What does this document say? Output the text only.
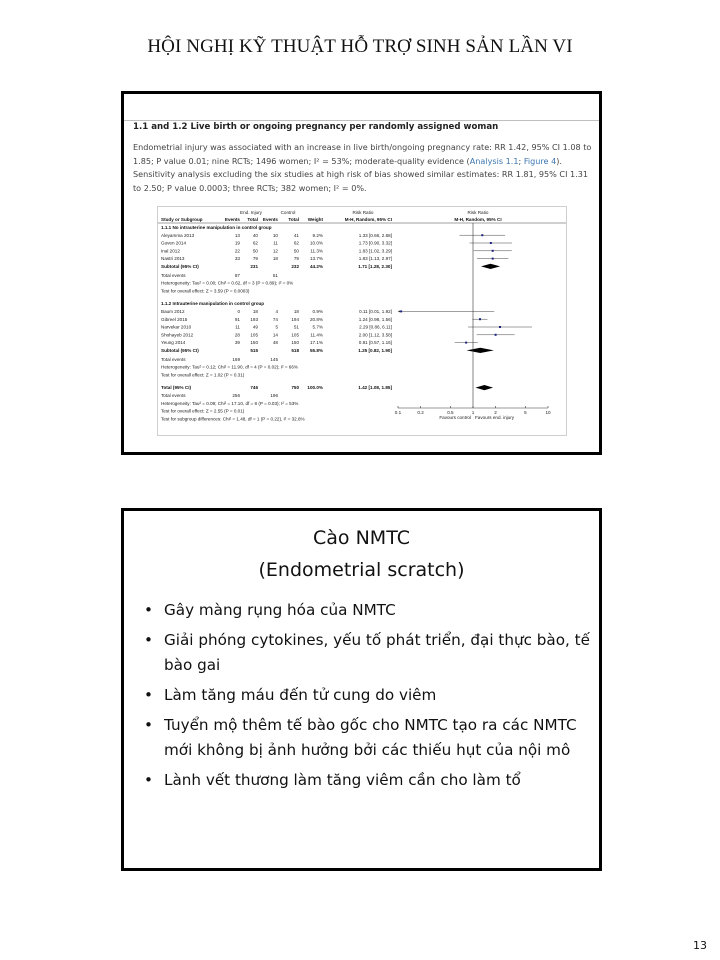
HỘI NGHỊ KỸ THUẬT HỖ TRỢ SINH SẢN LẦN VI
1.1 and 1.2 Live birth or ongoing pregnancy per randomly assigned woman
Endometrial injury was associated with an increase in live birth/ongoing pregnancy rate: RR 1.42, 95% CI 1.08 to 1.85; P value 0.01; nine RCTs; 1496 women; I² = 53%; moderate-quality evidence (Analysis 1.1; Figure 4). Sensitivity analysis excluding the six studies at high risk of bias showed similar estimates: RR 1.81, 95% CI 1.31 to 2.50; P value 0.0003; three RCTs; 382 women; I² = 0%.
End. Injury	Control	Risk Ratio	Risk Ratio
Study or Subgroup	Events Total Events Total Weight	M-H, Random, 95% CI	M-H, Random, 95% CI
1.1.1 No intrauterine manipulation in control group
Aleyamma 2013	13	40	10	41	9.2%	1.33 [0.66, 2.68]
Guven 2014	19	62	11	62 10.0%	1.73 [0.90, 3.32]
Inal 2012	22	50	12	50 11.3%	1.83 [1.02, 3.29]
Nastri 2013	33	79	18	79 13.7%	1.83 [1.13, 2.97]
Subtotal (95% CI)	231	232 44.2%	1.71 [1.28, 2.30]
Total events	87	51
Heterogeneity: Tau² = 0.00; Chi² = 0.62, df = 3 (P = 0.89); I² = 0%
Test for overall effect: Z = 3.59 (P = 0.0003)
1.1.2 Intrauterine manipulation in control group
Baum 2012	0	18	4	18	0.9%	0.11 [0.01, 1.92]
Gibreel 2015	91 193	74	194 20.8%	1.24 [0.98, 1.56]
Narvekar 2010	11	49	5	51	5.7%	2.29 [0.86, 6.11]
Shohayeb 2012	28 105	14	105 11.4%	2.00 [1.12, 3.58]
Yeung 2014	39 150	48	150 17.1%	0.81 [0.57, 1.16]
Subtotal (95% CI)	515	518 55.8%	1.25 [0.82, 1.90]
Total events	169	145
Heterogeneity: Tau² = 0.12; Chi² = 11.90, df = 4 (P = 0.02); I² = 66%
Test for overall effect: Z = 1.02 (P = 0.31)
Total (95% CI)	746	750 100.0%	1.42 [1.08, 1.85]
Total events	256	196
Heterogeneity: Tau² = 0.09; Chi² = 17.10, df = 8 (P = 0.03); I² = 53%
Test for overall effect: Z = 2.55 (P = 0.01)
Test for subgroup differences: Chi² = 1.48, df = 1 (P = 0.22), I² = 32.6%
0.1	0.2	0.5	1	2	5	10
Favours control Favours end. injury
Cào NMTC
(Endometrial scratch)
• Gây màng rụng hóa của NMTC
• Giải phóng cytokines, yếu tố phát triển, đại thực bào, tế bào gai
• Làm tăng máu đến tử cung do viêm
• Tuyển mộ thêm tế bào gốc cho NMTC tạo ra các NMTC mới không bị ảnh hưởng bởi các thiếu hụt của nội mô
• Lành vết thương làm tăng viêm cần cho làm tổ
13
